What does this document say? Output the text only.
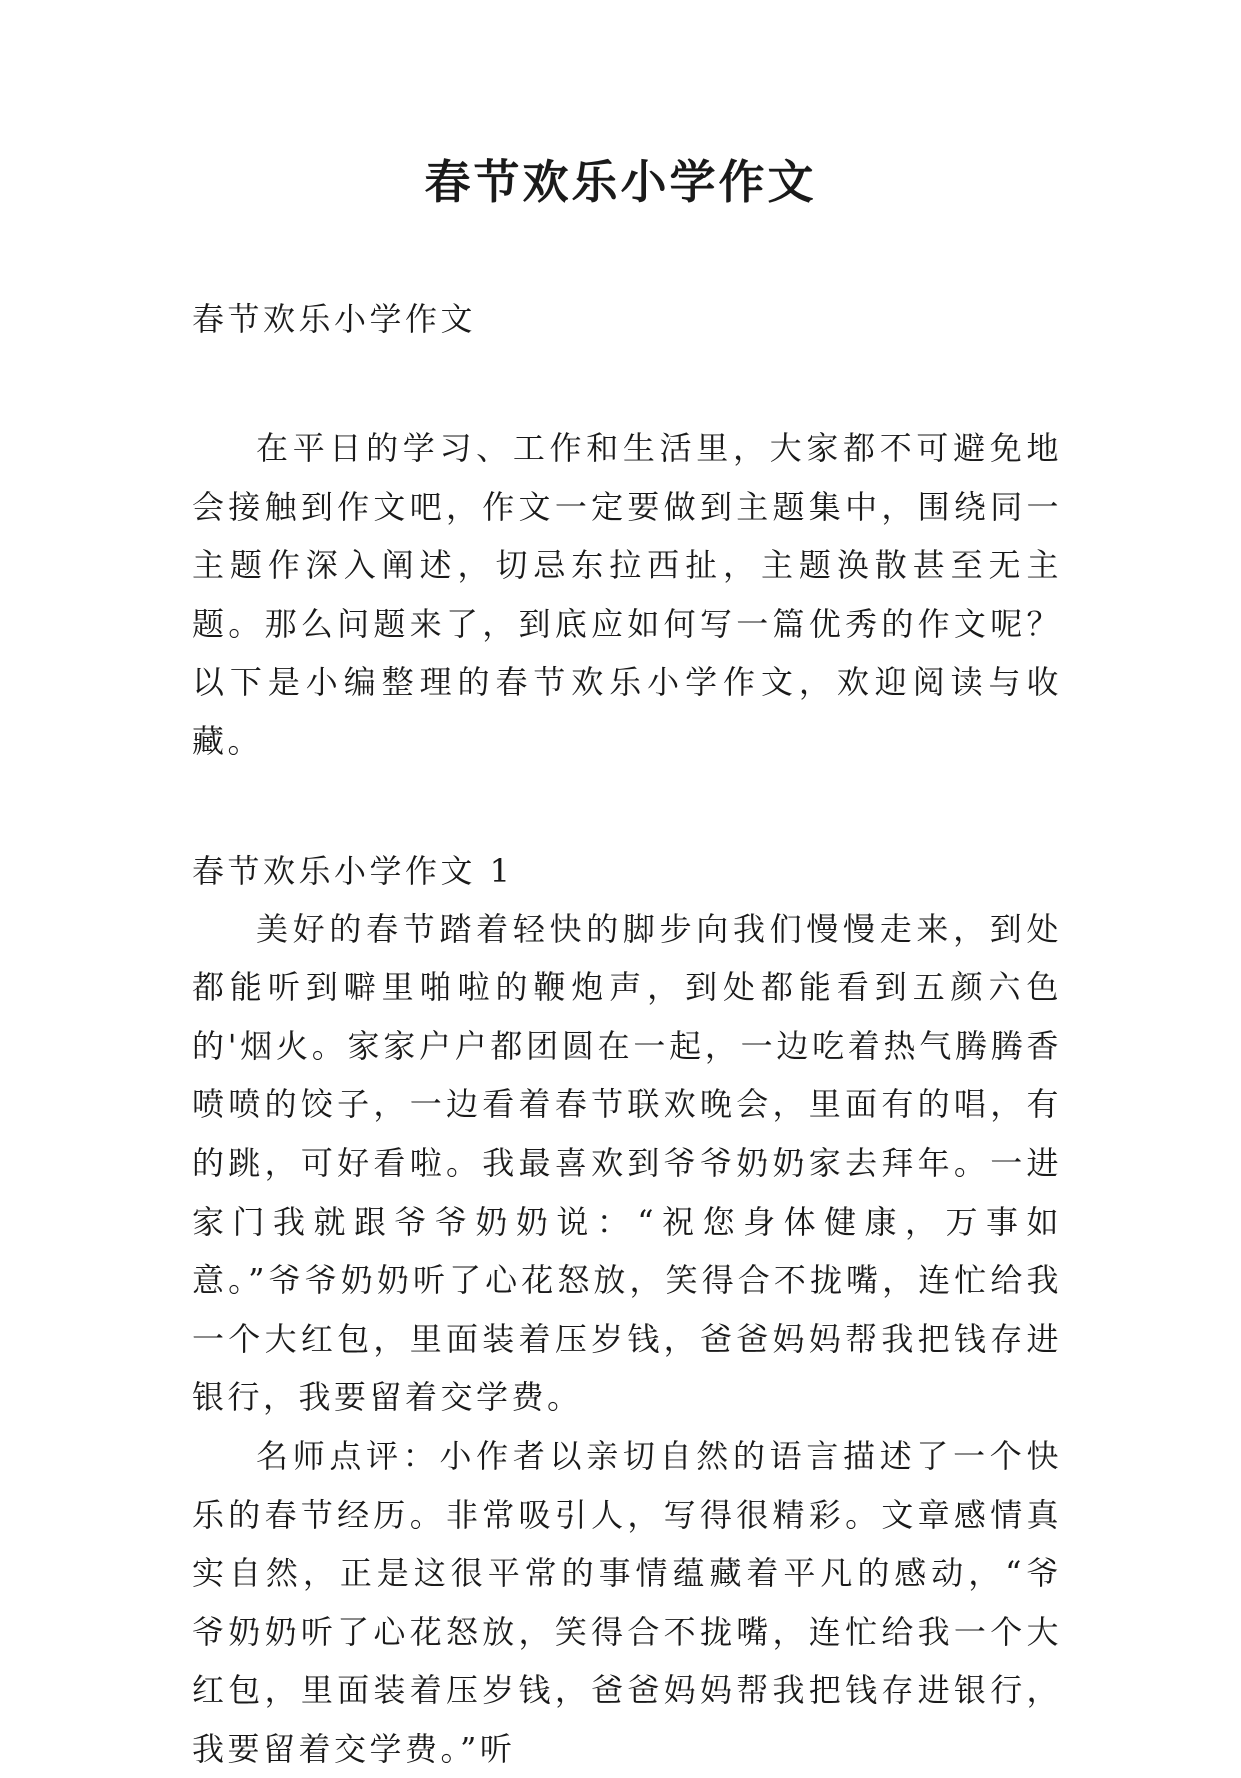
春节欢乐小学作文

春节欢乐小学作文

在平日的学习、工作和生活里，大家都不可避免地会接触到作文吧，作文一定要做到主题集中，围绕同一主题作深入阐述，切忌东拉西扯，主题涣散甚至无主题。那么问题来了，到底应如何写一篇优秀的作文呢？以下是小编整理的春节欢乐小学作文，欢迎阅读与收藏。

春节欢乐小学作文 1

美好的春节踏着轻快的脚步向我们慢慢走来，到处都能听到噼里啪啦的鞭炮声，到处都能看到五颜六色的'烟火。家家户户都团圆在一起，一边吃着热气腾腾香喷喷的饺子，一边看着春节联欢晚会，里面有的唱，有的跳，可好看啦。我最喜欢到爷爷奶奶家去拜年。一进家门我就跟爷爷奶奶说：“祝您身体健康，万事如意。”爷爷奶奶听了心花怒放，笑得合不拢嘴，连忙给我一个大红包，里面装着压岁钱，爸爸妈妈帮我把钱存进银行，我要留着交学费。

名师点评：小作者以亲切自然的语言描述了一个快乐的春节经历。非常吸引人，写得很精彩。文章感情真实自然，正是这很平常的事情蕴藏着平凡的感动，“爷爷奶奶听了心花怒放，笑得合不拢嘴，连忙给我一个大红包，里面装着压岁钱，爸爸妈妈帮我把钱存进银行，我要留着交学费。”听
